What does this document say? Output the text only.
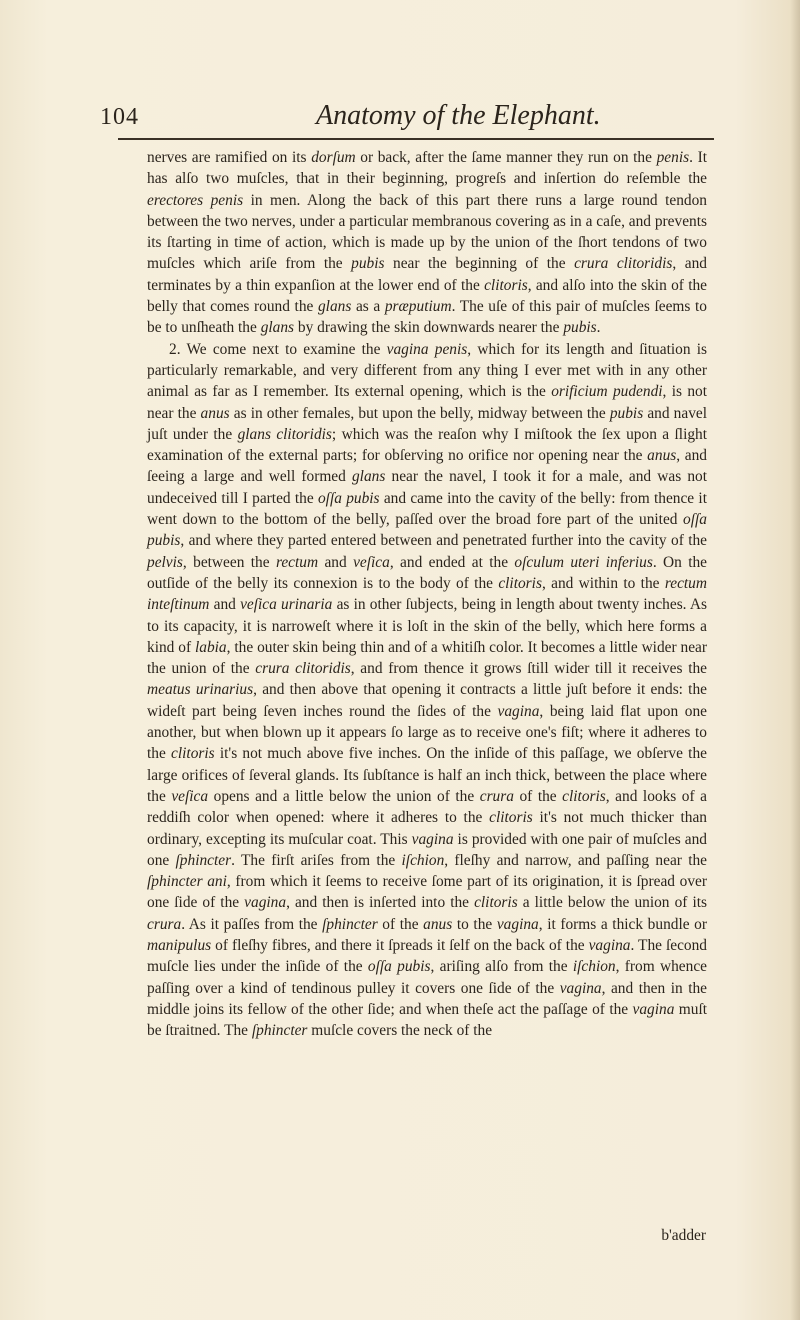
104	Anatomy of the Elephant.

nerves are ramified on its dorſum or back, after the ſame manner they run on the penis. It has alſo two muſcles, that in their beginning, progreſs and inſertion do reſemble the erectores penis in men. Along the back of this part there runs a large round tendon between the two nerves, under a particular membranous covering as in a caſe, and prevents its ſtarting in time of action, which is made up by the union of the ſhort tendons of two muſcles which ariſe from the pubis near the beginning of the crura clitoridis, and terminates by a thin expanſion at the lower end of the clitoris, and alſo into the skin of the belly that comes round the glans as a præputium. The uſe of this pair of muſcles ſeems to be to unſheath the glans by drawing the skin downwards nearer the pubis.

2. We come next to examine the vagina penis, which for its length and ſituation is particularly remarkable, and very different from any thing I ever met with in any other animal as far as I remember. Its external opening, which is the orificium pudendi, is not near the anus as in other females, but upon the belly, midway between the pubis and navel juſt under the glans clitoridis; which was the reaſon why I miſtook the ſex upon a ſlight examination of the external parts; for obſerving no orifice nor opening near the anus, and ſeeing a large and well formed glans near the navel, I took it for a male, and was not undeceived till I parted the oſſa pubis and came into the cavity of the belly: from thence it went down to the bottom of the belly, paſſed over the broad fore part of the united oſſa pubis, and where they parted entered between and penetrated further into the cavity of the pelvis, between the rectum and veſica, and ended at the oſculum uteri inferius. On the outſide of the belly its connexion is to the body of the clitoris, and within to the rectum inteſtinum and veſica urinaria as in other ſubjects, being in length about twenty inches. As to its capacity, it is narroweſt where it is loſt in the skin of the belly, which here forms a kind of labia, the outer skin being thin and of a whitiſh color. It becomes a little wider near the union of the crura clitoridis, and from thence it grows ſtill wider till it receives the meatus urinarius, and then above that opening it contracts a little juſt before it ends: the wideſt part being ſeven inches round the ſides of the vagina, being laid flat upon one another, but when blown up it appears ſo large as to receive one's fiſt; where it adheres to the clitoris it's not much above five inches. On the inſide of this paſſage, we obſerve the large orifices of ſeveral glands. Its ſubſtance is half an inch thick, between the place where the veſica opens and a little below the union of the crura of the clitoris, and looks of a reddiſh color when opened: where it adheres to the clitoris it's not much thicker than ordinary, excepting its muſcular coat. This vagina is provided with one pair of muſcles and one ſphincter. The firſt ariſes from the iſchion, fleſhy and narrow, and paſſing near the ſphincter ani, from which it ſeems to receive ſome part of its origination, it is ſpread over one ſide of the vagina, and then is inſerted into the clitoris a little below the union of its crura. As it paſſes from the ſphincter of the anus to the vagina, it forms a thick bundle or manipulus of fleſhy fibres, and there it ſpreads it ſelf on the back of the vagina. The ſecond muſcle lies under the inſide of the oſſa pubis, ariſing alſo from the iſchion, from whence paſſing over a kind of tendinous pulley it covers one ſide of the vagina, and then in the middle joins its fellow of the other ſide; and when theſe act the paſſage of the vagina muſt be ſtraitned. The ſphincter muſcle covers the neck of the

b'adder
